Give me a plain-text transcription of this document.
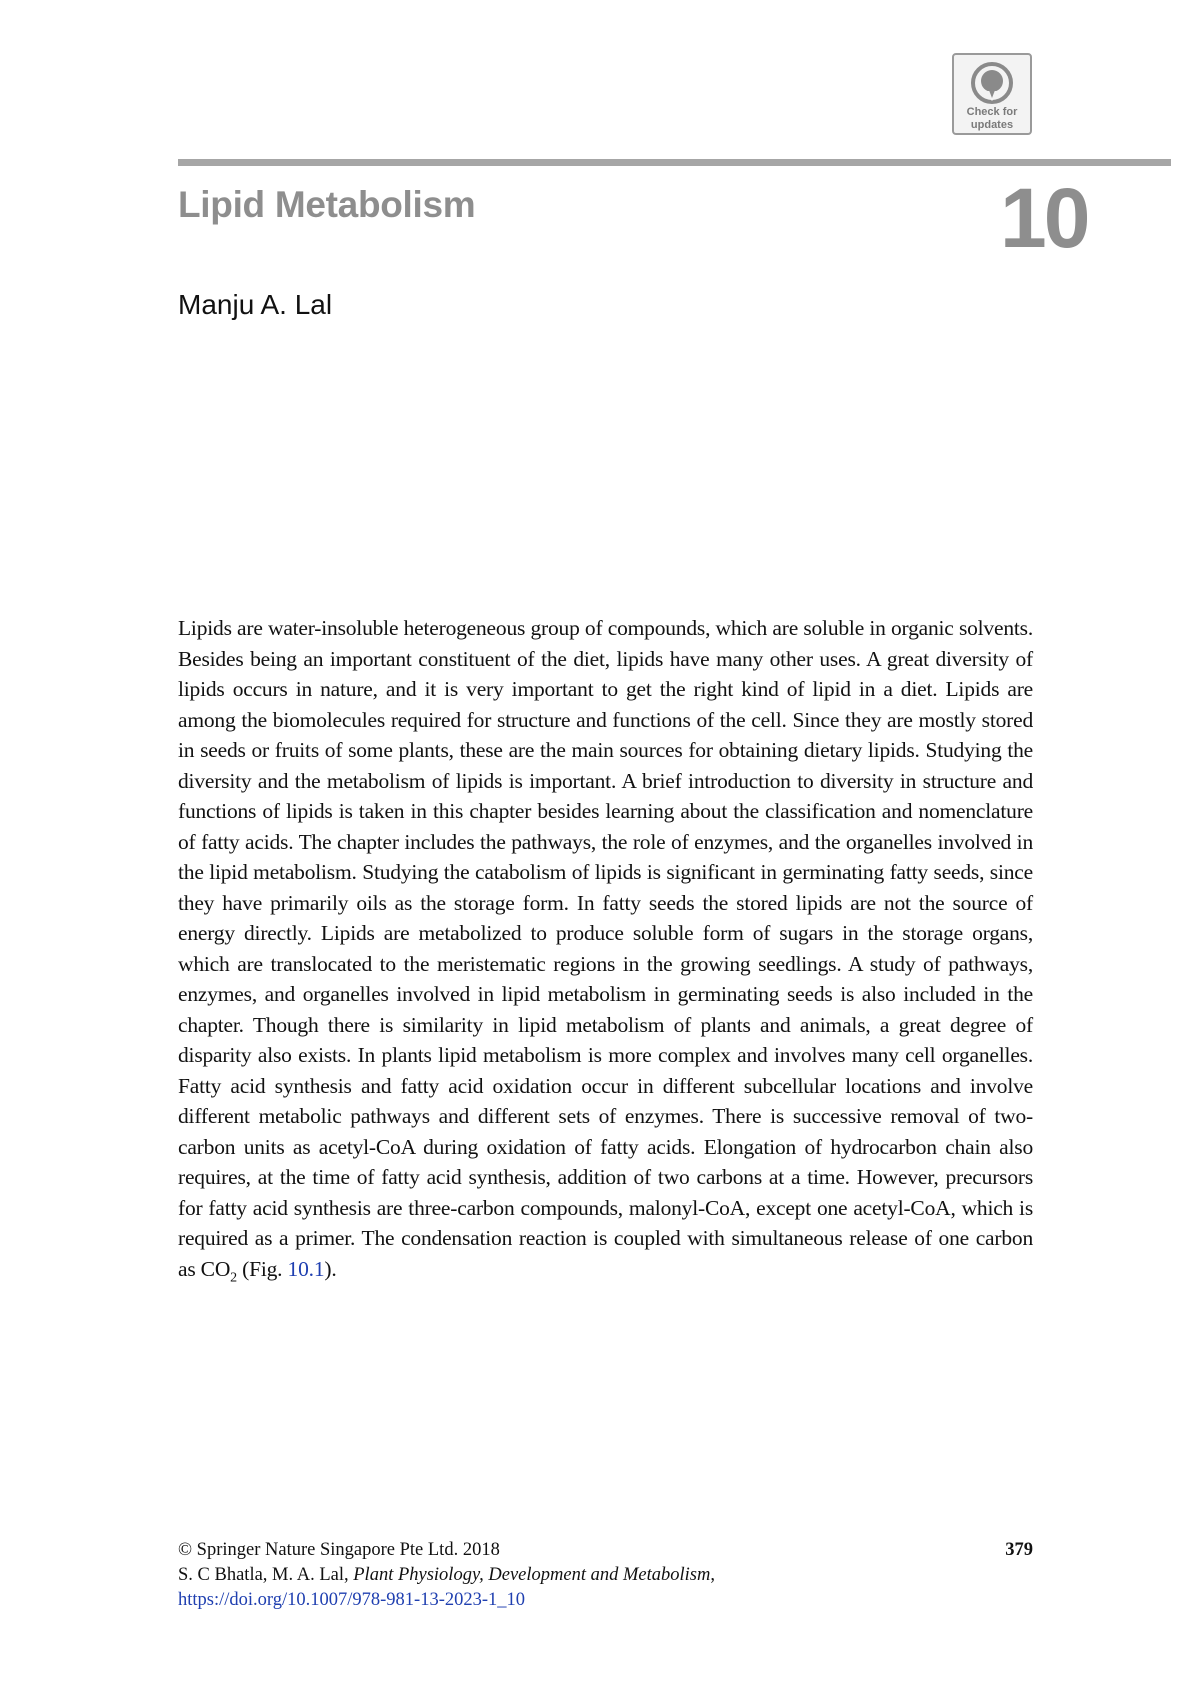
Check for
updates
Lipid Metabolism	10
Manju A. Lal

Lipids are water-insoluble heterogeneous group of compounds, which are soluble in organic solvents. Besides being an important constituent of the diet, lipids have many other uses. A great diversity of lipids occurs in nature, and it is very important to get the right kind of lipid in a diet. Lipids are among the biomolecules required for structure and functions of the cell. Since they are mostly stored in seeds or fruits of some plants, these are the main sources for obtaining dietary lipids. Studying the diversity and the metabolism of lipids is important. A brief introduction to diversity in structure and functions of lipids is taken in this chapter besides learning about the classification and nomenclature of fatty acids. The chapter includes the pathways, the role of enzymes, and the organelles involved in the lipid metabolism. Studying the catabolism of lipids is significant in germinating fatty seeds, since they have primarily oils as the storage form. In fatty seeds the stored lipids are not the source of energy directly. Lipids are metabolized to produce soluble form of sugars in the storage organs, which are translocated to the meristematic regions in the growing seedlings. A study of pathways, enzymes, and organelles involved in lipid metabolism in germinating seeds is also included in the chapter. Though there is similarity in lipid metabolism of plants and animals, a great degree of disparity also exists. In plants lipid metabolism is more complex and involves many cell organelles. Fatty acid synthesis and fatty acid oxidation occur in different subcellular locations and involve different metabolic pathways and different sets of enzymes. There is successive removal of two-carbon units as acetyl-CoA during oxidation of fatty acids. Elongation of hydrocarbon chain also requires, at the time of fatty acid synthesis, addition of two carbons at a time. However, precursors for fatty acid synthesis are three-carbon compounds, malonyl-CoA, except one acetyl-CoA, which is required as a primer. The condensation reaction is coupled with simultaneous release of one carbon as $CO_2$ (Fig. 10.1).

© Springer Nature Singapore Pte Ltd. 2018	379
S. C Bhatla, M. A. Lal, Plant Physiology, Development and Metabolism,
https://doi.org/10.1007/978-981-13-2023-1_10
